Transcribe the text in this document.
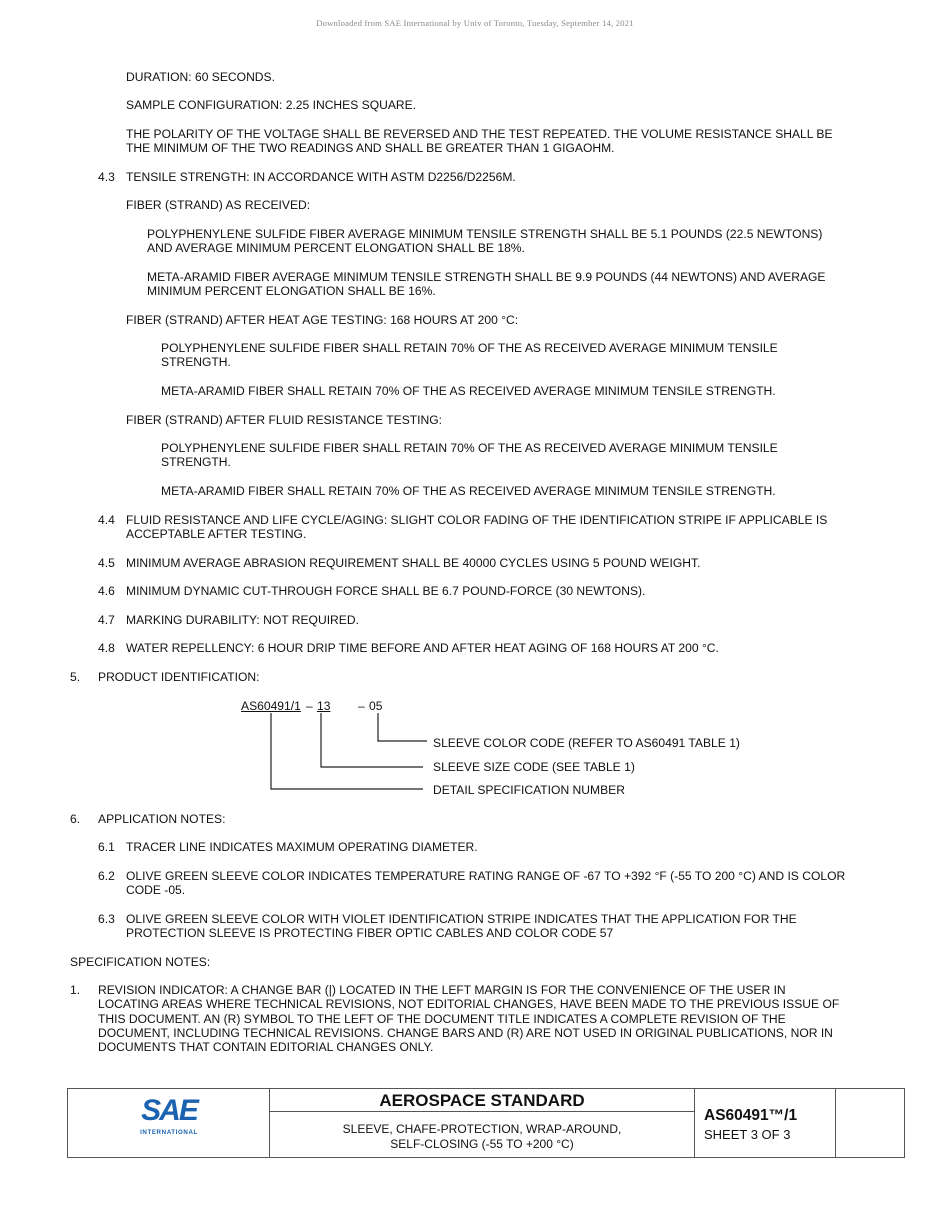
Downloaded from SAE International by Univ of Toronto, Tuesday, September 14, 2021
DURATION: 60 SECONDS.
SAMPLE CONFIGURATION: 2.25 INCHES SQUARE.
THE POLARITY OF THE VOLTAGE SHALL BE REVERSED AND THE TEST REPEATED. THE VOLUME RESISTANCE SHALL BE
THE MINIMUM OF THE TWO READINGS AND SHALL BE GREATER THAN 1 GIGAOHM.
4.3 TENSILE STRENGTH: IN ACCORDANCE WITH ASTM D2256/D2256M.
FIBER (STRAND) AS RECEIVED:
POLYPHENYLENE SULFIDE FIBER AVERAGE MINIMUM TENSILE STRENGTH SHALL BE 5.1 POUNDS (22.5 NEWTONS)
AND AVERAGE MINIMUM PERCENT ELONGATION SHALL BE 18%.
META-ARAMID FIBER AVERAGE MINIMUM TENSILE STRENGTH SHALL BE 9.9 POUNDS (44 NEWTONS) AND AVERAGE
MINIMUM PERCENT ELONGATION SHALL BE 16%.
FIBER (STRAND) AFTER HEAT AGE TESTING: 168 HOURS AT 200 °C:
POLYPHENYLENE SULFIDE FIBER SHALL RETAIN 70% OF THE AS RECEIVED AVERAGE MINIMUM TENSILE
STRENGTH.
META-ARAMID FIBER SHALL RETAIN 70% OF THE AS RECEIVED AVERAGE MINIMUM TENSILE STRENGTH.
FIBER (STRAND) AFTER FLUID RESISTANCE TESTING:
POLYPHENYLENE SULFIDE FIBER SHALL RETAIN 70% OF THE AS RECEIVED AVERAGE MINIMUM TENSILE
STRENGTH.
META-ARAMID FIBER SHALL RETAIN 70% OF THE AS RECEIVED AVERAGE MINIMUM TENSILE STRENGTH.
4.4 FLUID RESISTANCE AND LIFE CYCLE/AGING: SLIGHT COLOR FADING OF THE IDENTIFICATION STRIPE IF APPLICABLE IS
ACCEPTABLE AFTER TESTING.
4.5 MINIMUM AVERAGE ABRASION REQUIREMENT SHALL BE 40000 CYCLES USING 5 POUND WEIGHT.
4.6 MINIMUM DYNAMIC CUT-THROUGH FORCE SHALL BE 6.7 POUND-FORCE (30 NEWTONS).
4.7 MARKING DURABILITY: NOT REQUIRED.
4.8 WATER REPELLENCY: 6 HOUR DRIP TIME BEFORE AND AFTER HEAT AGING OF 168 HOURS AT 200 °C.
5. PRODUCT IDENTIFICATION:
AS60491/1 – 13 – 05
SLEEVE COLOR CODE (REFER TO AS60491 TABLE 1)
SLEEVE SIZE CODE (SEE TABLE 1)
DETAIL SPECIFICATION NUMBER
6. APPLICATION NOTES:
6.1 TRACER LINE INDICATES MAXIMUM OPERATING DIAMETER.
6.2 OLIVE GREEN SLEEVE COLOR INDICATES TEMPERATURE RATING RANGE OF -67 TO +392 °F (-55 TO 200 °C) AND IS COLOR
CODE -05.
6.3 OLIVE GREEN SLEEVE COLOR WITH VIOLET IDENTIFICATION STRIPE INDICATES THAT THE APPLICATION FOR THE
PROTECTION SLEEVE IS PROTECTING FIBER OPTIC CABLES AND COLOR CODE 57
SPECIFICATION NOTES:
1. REVISION INDICATOR: A CHANGE BAR (|) LOCATED IN THE LEFT MARGIN IS FOR THE CONVENIENCE OF THE USER IN
LOCATING AREAS WHERE TECHNICAL REVISIONS, NOT EDITORIAL CHANGES, HAVE BEEN MADE TO THE PREVIOUS ISSUE OF
THIS DOCUMENT. AN (R) SYMBOL TO THE LEFT OF THE DOCUMENT TITLE INDICATES A COMPLETE REVISION OF THE
DOCUMENT, INCLUDING TECHNICAL REVISIONS. CHANGE BARS AND (R) ARE NOT USED IN ORIGINAL PUBLICATIONS, NOR IN
DOCUMENTS THAT CONTAIN EDITORIAL CHANGES ONLY.
SAE
INTERNATIONAL
AEROSPACE STANDARD
SLEEVE, CHAFE-PROTECTION, WRAP-AROUND,
SELF-CLOSING (-55 TO +200 °C)
AS60491™/1
SHEET 3 OF 3
